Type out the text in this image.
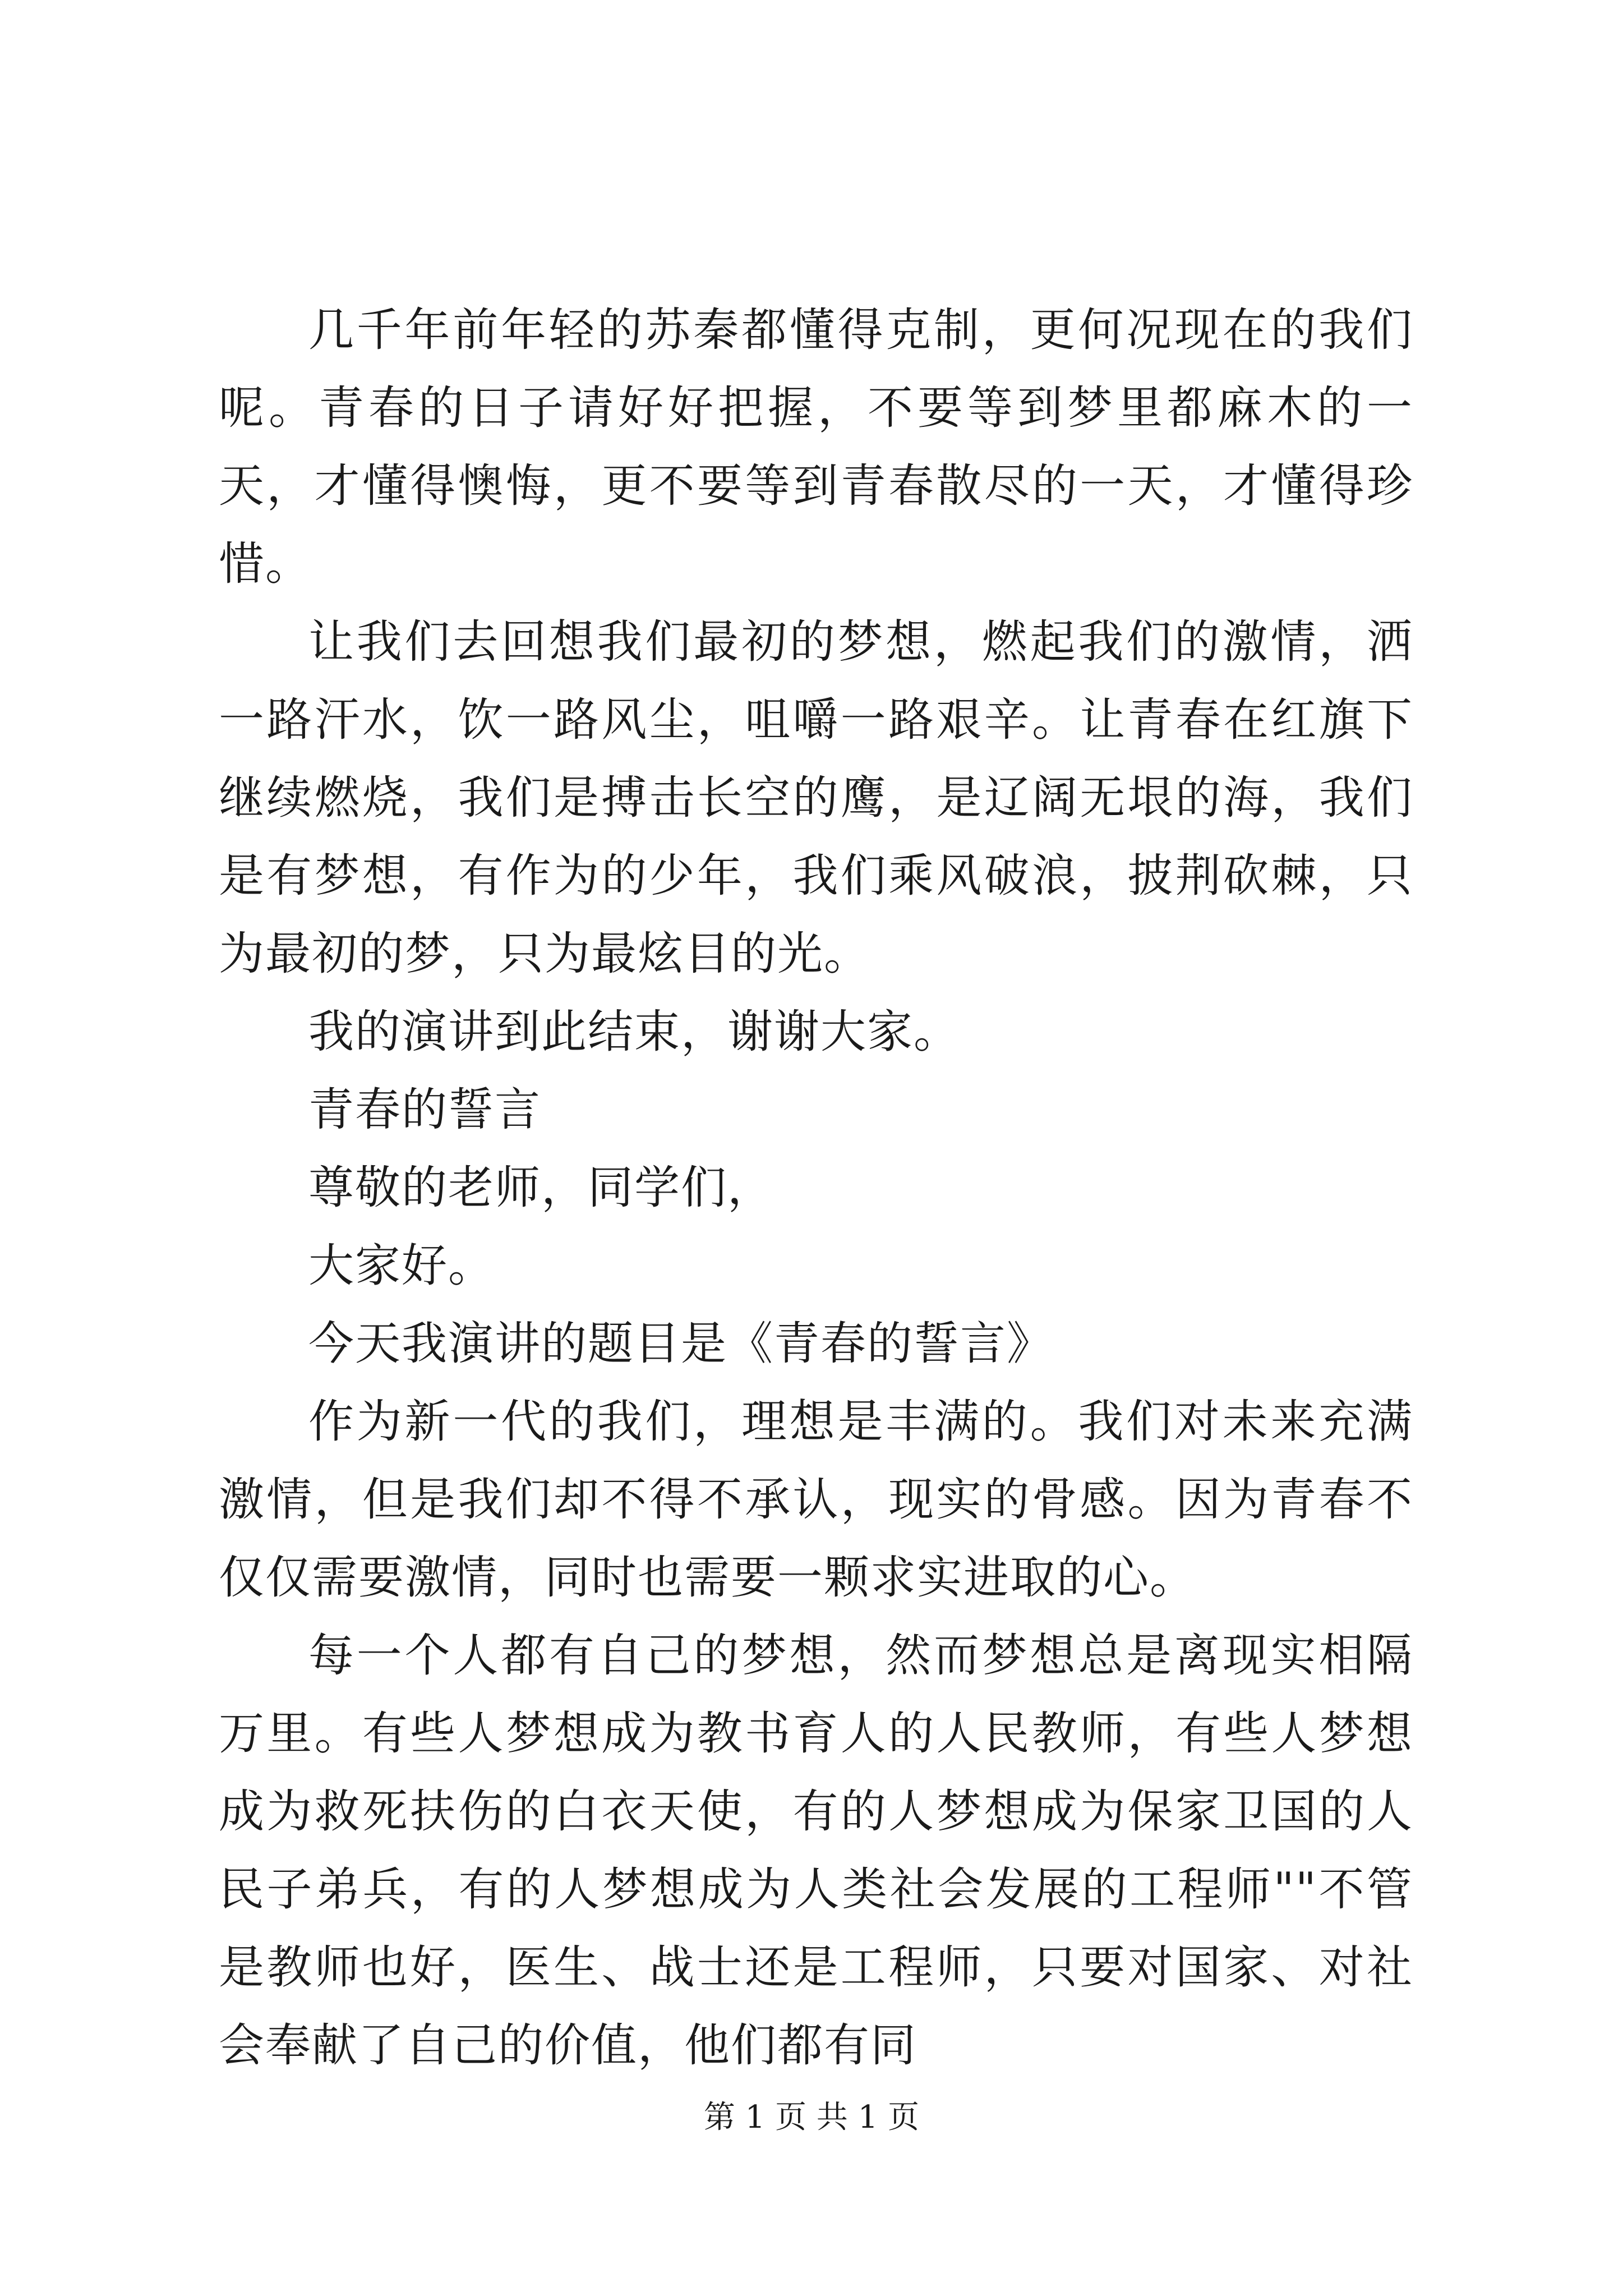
几千年前年轻的苏秦都懂得克制，更何况现在的我们呢。青春的日子请好好把握，不要等到梦里都麻木的一天，才懂得懊悔，更不要等到青春散尽的一天，才懂得珍惜。

让我们去回想我们最初的梦想，燃起我们的激情，洒一路汗水，饮一路风尘，咀嚼一路艰辛。让青春在红旗下继续燃烧，我们是搏击长空的鹰，是辽阔无垠的海，我们是有梦想，有作为的少年，我们乘风破浪，披荆砍棘，只为最初的梦，只为最炫目的光。

我的演讲到此结束，谢谢大家。

青春的誓言

尊敬的老师，同学们，

大家好。

今天我演讲的题目是《青春的誓言》

作为新一代的我们，理想是丰满的。我们对未来充满激情，但是我们却不得不承认，现实的骨感。因为青春不仅仅需要激情，同时也需要一颗求实进取的心。

每一个人都有自己的梦想，然而梦想总是离现实相隔万里。有些人梦想成为教书育人的人民教师，有些人梦想成为救死扶伤的白衣天使，有的人梦想成为保家卫国的人民子弟兵，有的人梦想成为人类社会发展的工程师""不管是教师也好，医生、战士还是工程师，只要对国家、对社会奉献了自己的价值，他们都有同

第 1 页 共 1 页
